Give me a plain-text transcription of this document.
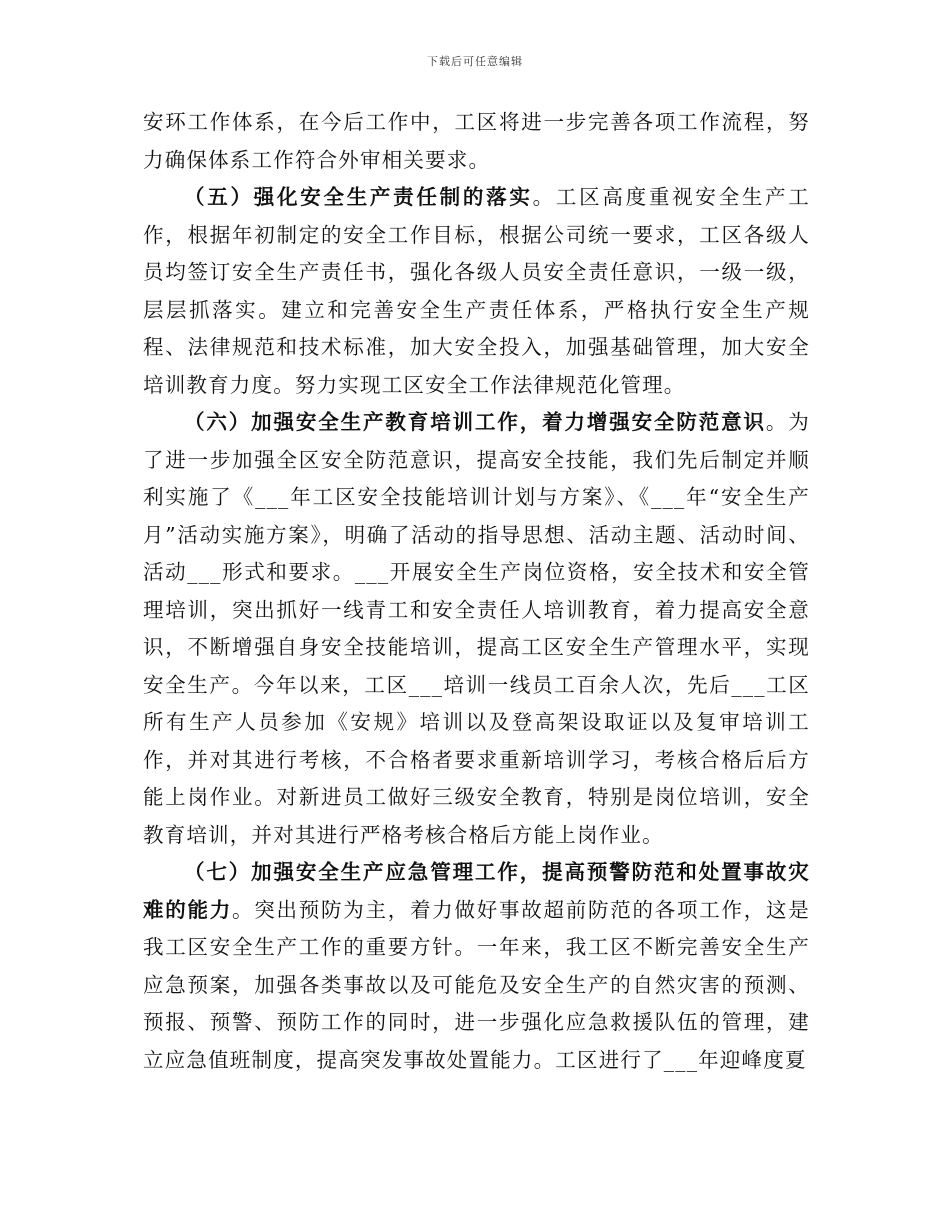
下载后可任意编辑

安环工作体系，在今后工作中，工区将进一步完善各项工作流程，努力确保体系工作符合外审相关要求。

（五）强化安全生产责任制的落实。工区高度重视安全生产工作，根据年初制定的安全工作目标，根据公司统一要求，工区各级人员均签订安全生产责任书，强化各级人员安全责任意识，一级一级，层层抓落实。建立和完善安全生产责任体系，严格执行安全生产规程、法律规范和技术标准，加大安全投入，加强基础管理，加大安全培训教育力度。努力实现工区安全工作法律规范化管理。

（六）加强安全生产教育培训工作，着力增强安全防范意识。为了进一步加强全区安全防范意识，提高安全技能，我们先后制定并顺利实施了《___年工区安全技能培训计划与方案》、《___年“安全生产月”活动实施方案》，明确了活动的指导思想、活动主题、活动时间、活动___形式和要求。___开展安全生产岗位资格，安全技术和安全管理培训，突出抓好一线青工和安全责任人培训教育，着力提高安全意识，不断增强自身安全技能培训，提高工区安全生产管理水平，实现安全生产。今年以来，工区___培训一线员工百余人次，先后___工区所有生产人员参加《安规》培训以及登高架设取证以及复审培训工作，并对其进行考核，不合格者要求重新培训学习，考核合格后后方能上岗作业。对新进员工做好三级安全教育，特别是岗位培训，安全教育培训，并对其进行严格考核合格后方能上岗作业。

（七）加强安全生产应急管理工作，提高预警防范和处置事故灾难的能力。突出预防为主，着力做好事故超前防范的各项工作，这是我工区安全生产工作的重要方针。一年来，我工区不断完善安全生产应急预案，加强各类事故以及可能危及安全生产的自然灾害的预测、预报、预警、预防工作的同时，进一步强化应急救援队伍的管理，建立应急值班制度，提高突发事故处置能力。工区进行了___年迎峰度夏
